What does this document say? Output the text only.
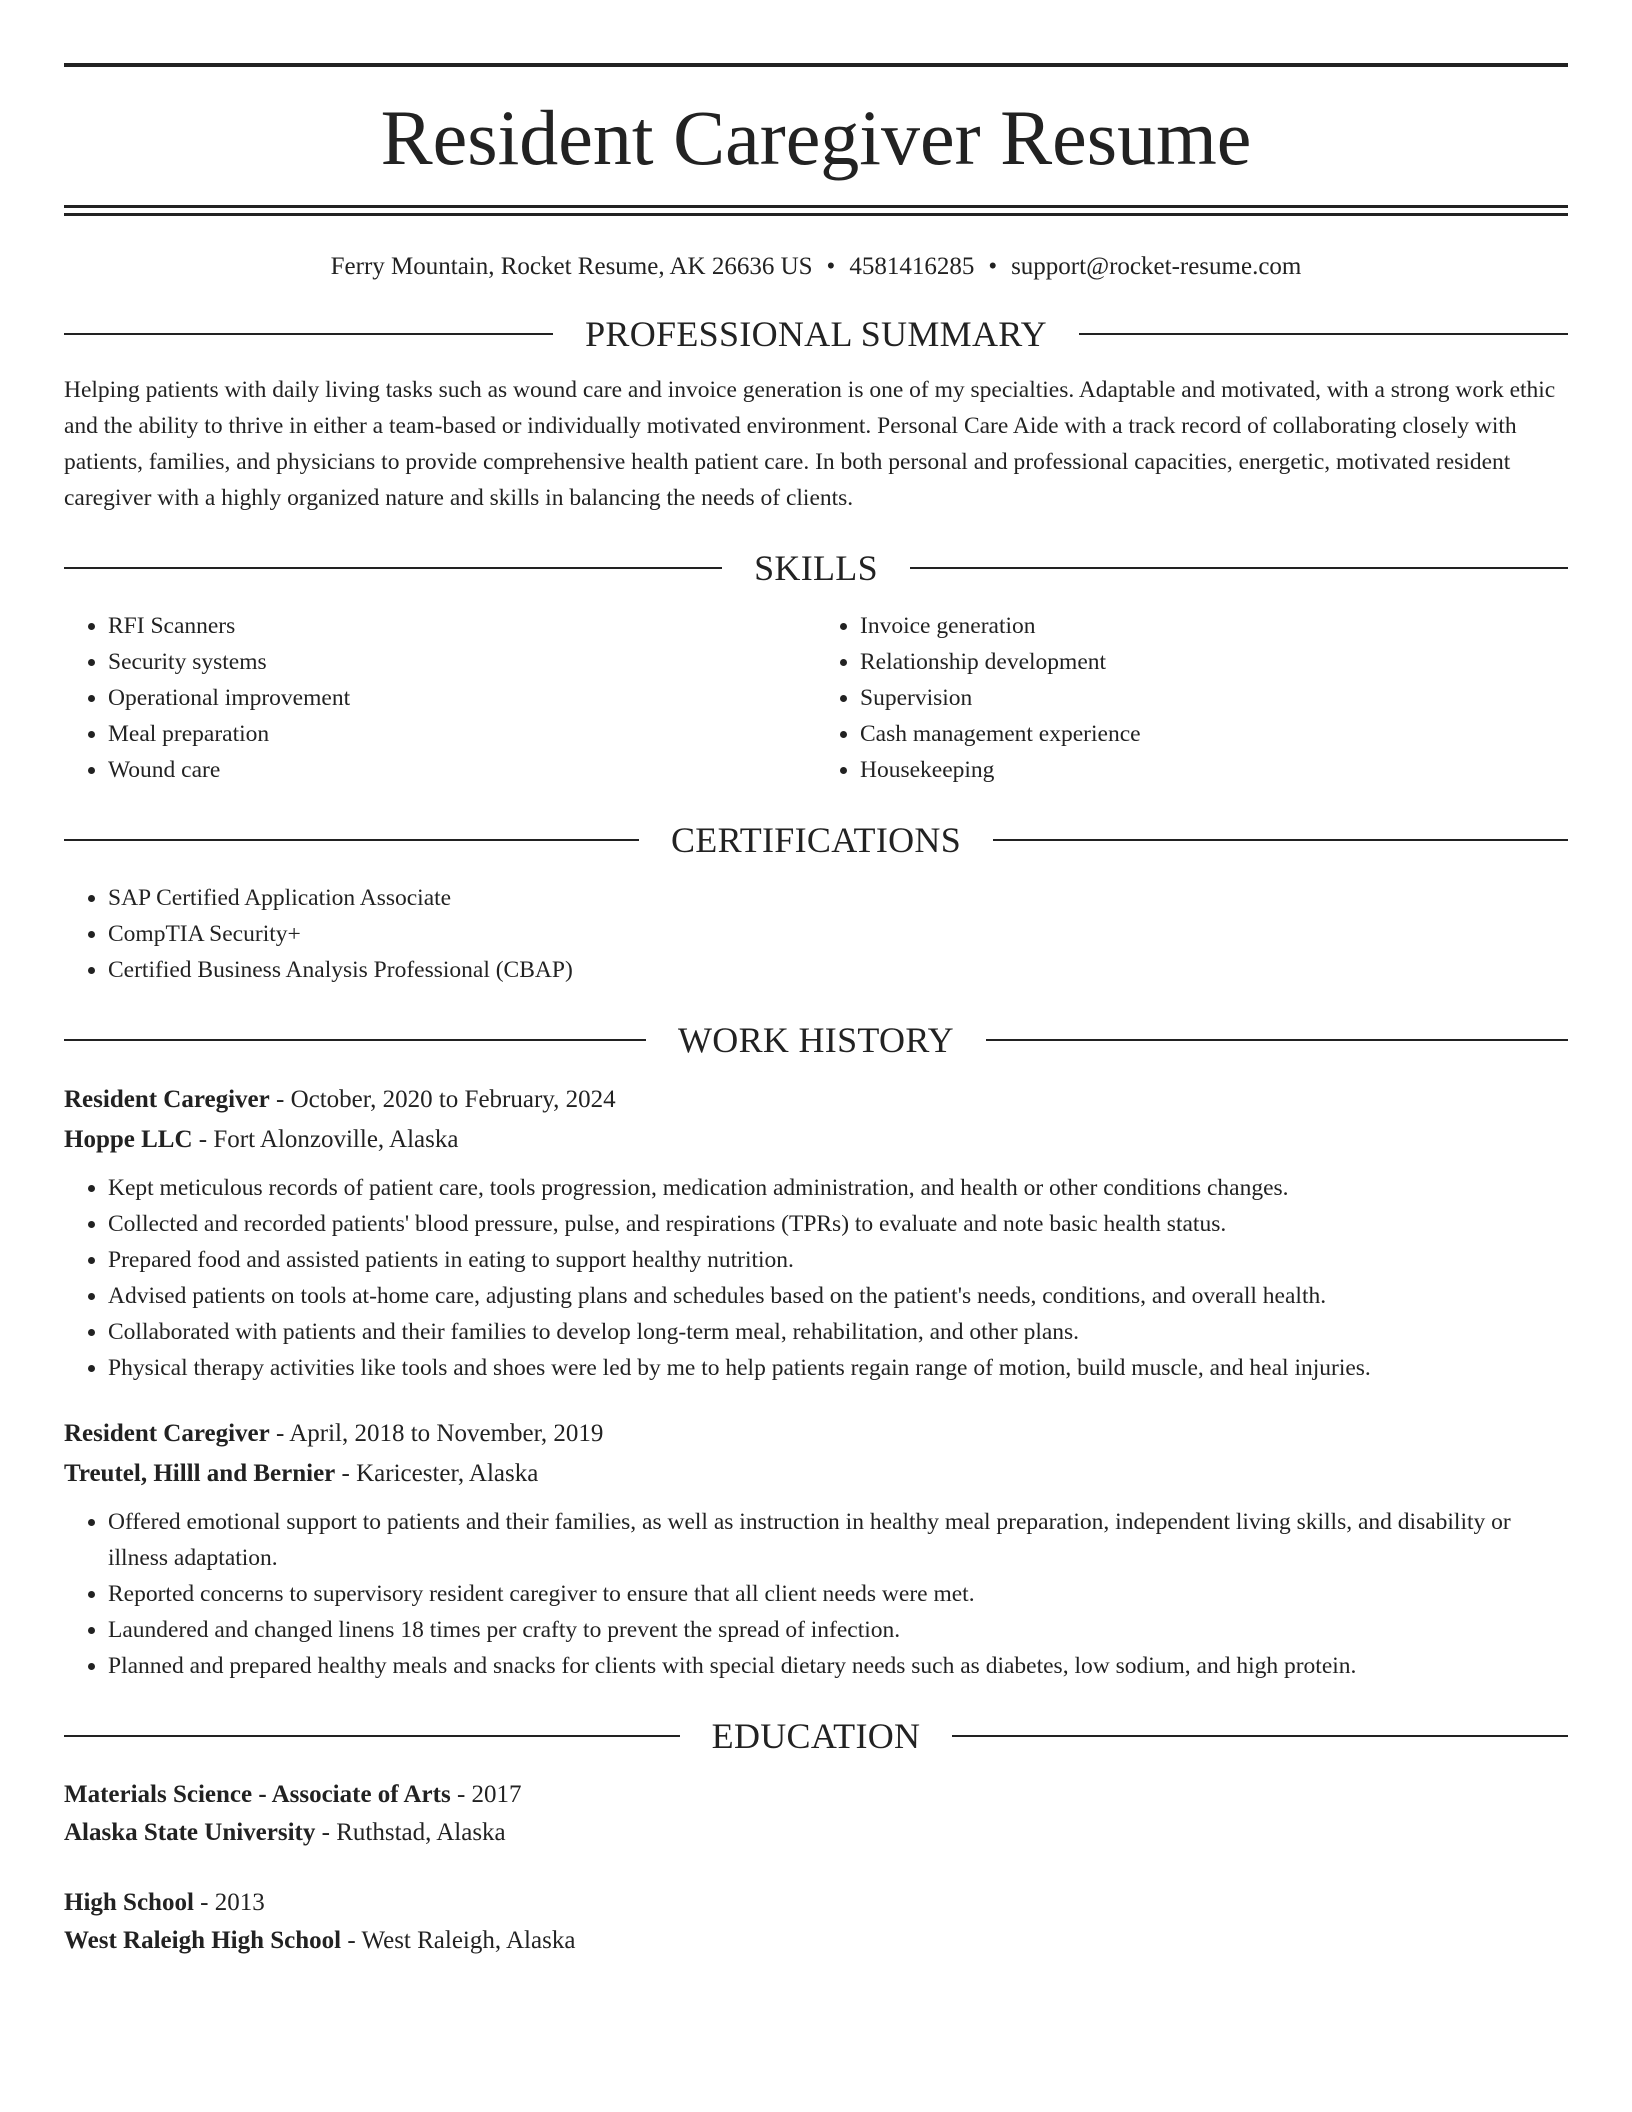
Resident Caregiver Resume
Ferry Mountain, Rocket Resume, AK 26636 US • 4581416285 • support@rocket-resume.com
PROFESSIONAL SUMMARY

Helping patients with daily living tasks such as wound care and invoice generation is one of my specialties. Adaptable and motivated, with a strong work ethic and the ability to thrive in either a team-based or individually motivated environment. Personal Care Aide with a track record of collaborating closely with patients, families, and physicians to provide comprehensive health patient care. In both personal and professional capacities, energetic, motivated resident caregiver with a highly organized nature and skills in balancing the needs of clients.

SKILLS
• RFI Scanners
• Security systems
• Operational improvement
• Meal preparation
• Wound care
• Invoice generation
• Relationship development
• Supervision
• Cash management experience
• Housekeeping
CERTIFICATIONS
• SAP Certified Application Associate
• CompTIA Security+
• Certified Business Analysis Professional (CBAP)
WORK HISTORY
Resident Caregiver - October, 2020 to February, 2024
Hoppe LLC - Fort Alonzoville, Alaska
• Kept meticulous records of patient care, tools progression, medication administration, and health or other conditions changes.
• Collected and recorded patients' blood pressure, pulse, and respirations (TPRs) to evaluate and note basic health status.
• Prepared food and assisted patients in eating to support healthy nutrition.
• Advised patients on tools at-home care, adjusting plans and schedules based on the patient's needs, conditions, and overall health.
• Collaborated with patients and their families to develop long-term meal, rehabilitation, and other plans.
• Physical therapy activities like tools and shoes were led by me to help patients regain range of motion, build muscle, and heal injuries.
Resident Caregiver - April, 2018 to November, 2019
Treutel, Hilll and Bernier - Karicester, Alaska
• Offered emotional support to patients and their families, as well as instruction in healthy meal preparation, independent living skills, and disability or illness adaptation.
• Reported concerns to supervisory resident caregiver to ensure that all client needs were met.
• Laundered and changed linens 18 times per crafty to prevent the spread of infection.
• Planned and prepared healthy meals and snacks for clients with special dietary needs such as diabetes, low sodium, and high protein.
EDUCATION
Materials Science - Associate of Arts - 2017
Alaska State University - Ruthstad, Alaska
High School - 2013
West Raleigh High School - West Raleigh, Alaska
